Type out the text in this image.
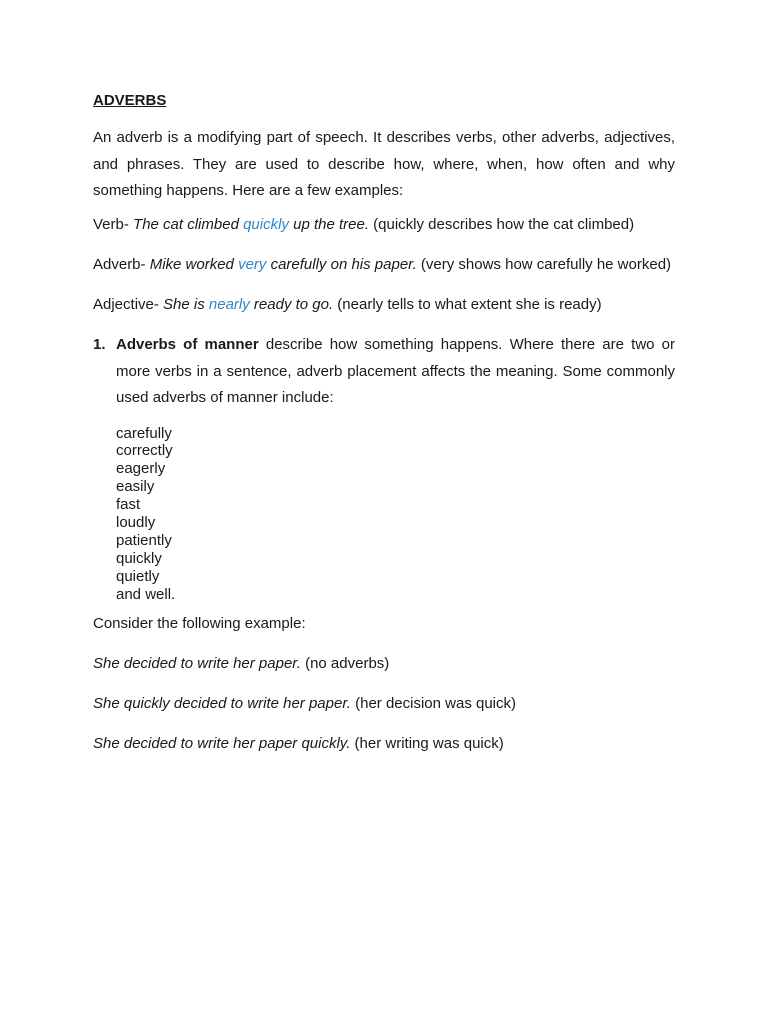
ADVERBS

An adverb is a modifying part of speech. It describes verbs, other adverbs, adjectives, and phrases. They are used to describe how, where, when, how often and why something happens. Here are a few examples:

Verb- The cat climbed quickly up the tree. (quickly describes how the cat climbed)

Adverb- Mike worked very carefully on his paper. (very shows how carefully he worked)

Adjective- She is nearly ready to go. (nearly tells to what extent she is ready)

1. Adverbs of manner describe how something happens. Where there are two or more verbs in a sentence, adverb placement affects the meaning. Some commonly used adverbs of manner include:

carefully
correctly
eagerly
easily
fast
loudly
patiently
quickly
quietly
and well.

Consider the following example:

She decided to write her paper. (no adverbs)

She quickly decided to write her paper. (her decision was quick)

She decided to write her paper quickly. (her writing was quick)
